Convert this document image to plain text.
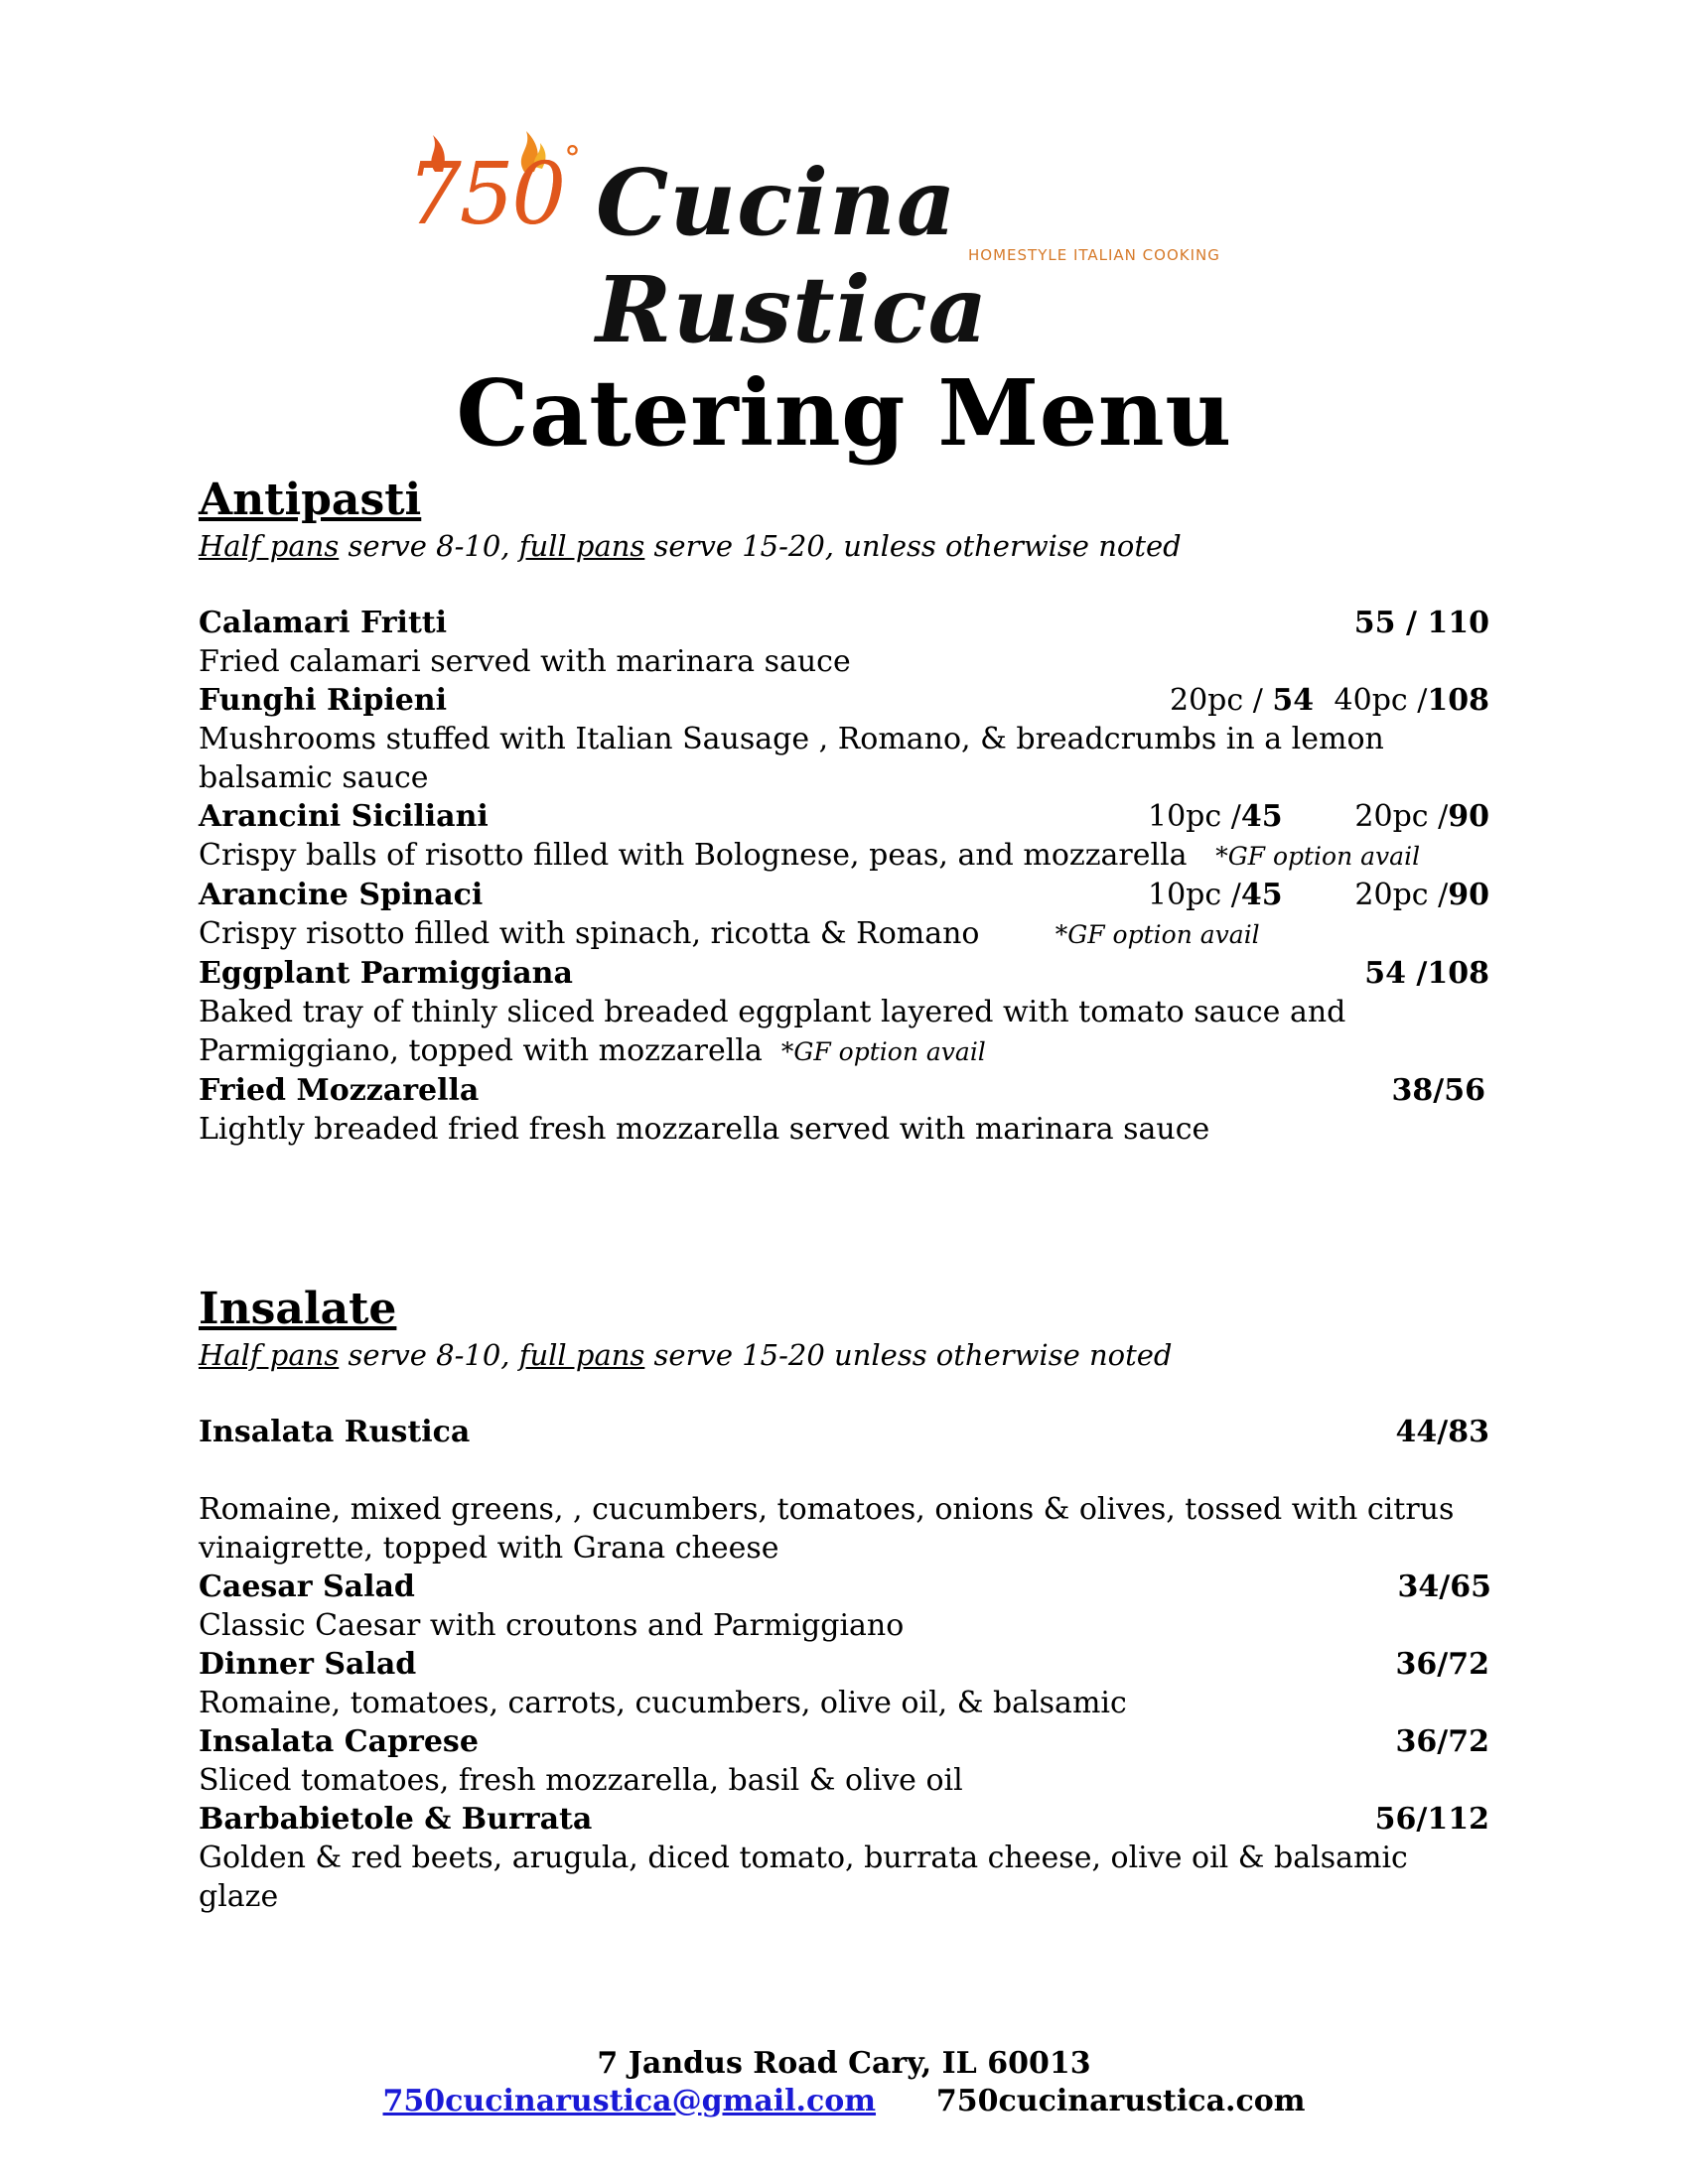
750 ° Cucina Rustica
HOMESTYLE ITALIAN COOKING
Catering Menu
Antipasti
Half pans serve 8-10, full pans serve 15-20, unless otherwise noted
Calamari Fritti	55 / 110
Fried calamari served with marinara sauce
Funghi Ripieni	20pc / 54 40pc /108
Mushrooms stuffed with Italian Sausage , Romano, & breadcrumbs in a lemon balsamic sauce
Arancini Siciliani	10pc /45 20pc /90
Crispy balls of risotto filled with Bolognese, peas, and mozzarella *GF option avail
Arancine Spinaci	10pc /45 20pc /90
Crispy risotto filled with spinach, ricotta & Romano	*GF option avail
Eggplant Parmiggiana	54 /108
Baked tray of thinly sliced breaded eggplant layered with tomato sauce and Parmiggiano, topped with mozzarella *GF option avail
Fried Mozzarella	38/56
Lightly breaded fried fresh mozzarella served with marinara sauce
Insalate
Half pans serve 8-10, full pans serve 15-20 unless otherwise noted
Insalata Rustica	44/83
Romaine, mixed greens, , cucumbers, tomatoes, onions & olives, tossed with citrus vinaigrette, topped with Grana cheese
Caesar Salad	34/65
Classic Caesar with croutons and Parmiggiano
Dinner Salad	36/72
Romaine, tomatoes, carrots, cucumbers, olive oil, & balsamic
Insalata Caprese	36/72
Sliced tomatoes, fresh mozzarella, basil & olive oil
Barbabietole & Burrata	56/112
Golden & red beets, arugula, diced tomato, burrata cheese, olive oil & balsamic glaze
7 Jandus Road Cary, IL 60013
750cucinarustica@gmail.com 750cucinarustica.com
